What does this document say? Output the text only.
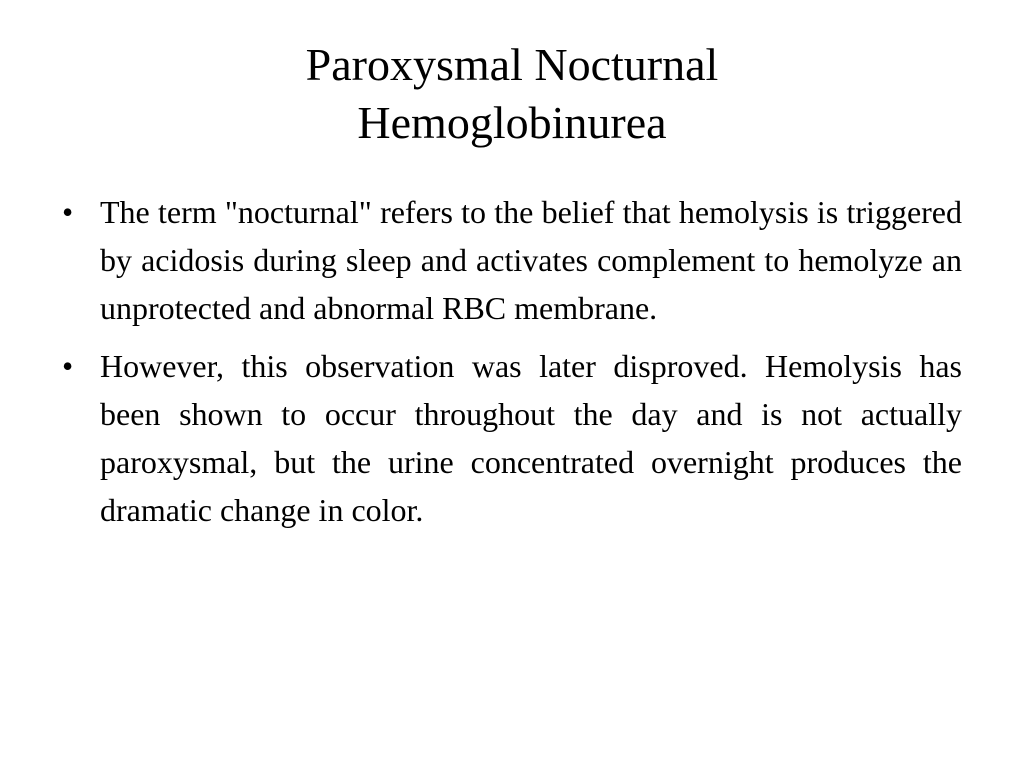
Paroxysmal Nocturnal
Hemoglobinurea
• The term "nocturnal" refers to the belief that hemolysis is triggered by acidosis during sleep and activates complement to hemolyze an unprotected and abnormal RBC membrane.
• However, this observation was later disproved. Hemolysis has been shown to occur throughout the day and is not actually paroxysmal, but the urine concentrated overnight produces the dramatic change in color.
